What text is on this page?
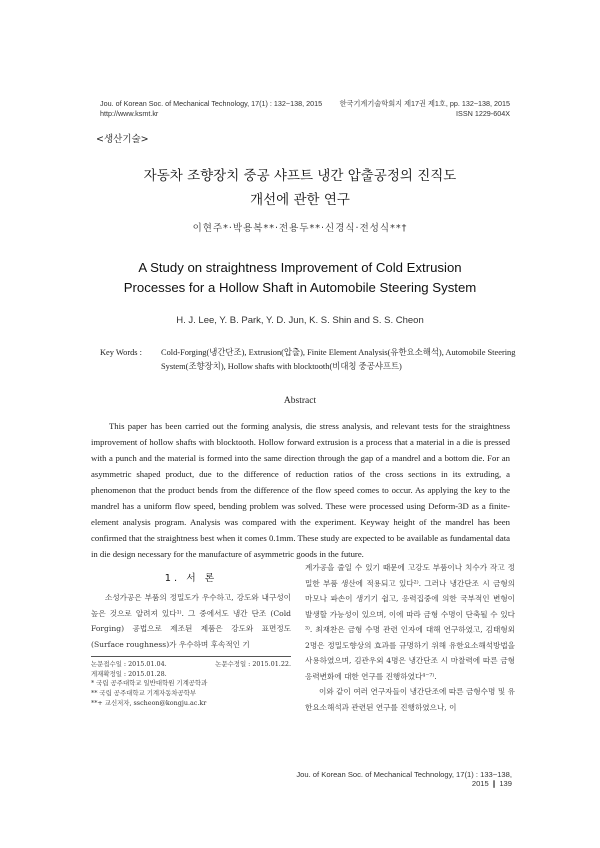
Jou. of Korean Soc. of Mechanical Technology, 17(1) : 132~138, 2015
http://www.ksmt.kr
한국기계기술학회지 제17권 제1호, pp. 132~138, 2015
ISSN 1229-604X
<생산기술>
자동차 조향장치 중공 샤프트 냉간 압출공정의 진직도
개선에 관한 연구
이현주*·박용복**·전용두**·신경식·전성식**†
A Study on straightness Improvement of Cold Extrusion
Processes for a Hollow Shaft in Automobile Steering System
H. J. Lee, Y. B. Park, Y. D. Jun, K. S. Shin and S. S. Cheon
Key Words :	Cold-Forging(냉간단조), Extrusion(압출), Finite Element Analysis(유한요소해석), Automobile Steering System(조향장치), Hollow shafts with blocktooth(비대칭 중공샤프트)
Abstract
This paper has been carried out the forming analysis, die stress analysis, and relevant tests for the straightness improvement of hollow shafts with blocktooth. Hollow forward extrusion is a process that a material in a die is pressed with a punch and the material is formed into the same direction through the gap of a mandrel and a bottom die. For an asymmetric shaped product, due to the difference of reduction ratios of the cross sections in its extruding, a phenomenon that the product bends from the difference of the flow speed comes to occur. As applying the key to the mandrel has a uniform flow speed, bending problem was solved. These were processed using Deform-3D as a finite-element analysis program. Analysis was compared with the experiment. Keyway height of the mandrel has been confirmed that the straightness best when it comes 0.1mm. These study are expected to be available as fundamental data in die design necessary for the manufacture of asymmetric goods in the future.
1. 서 론

소성가공은 부품의 정밀도가 우수하고, 강도와 내구성이 높은 것으로 알려져 있다¹⁾. 그 중에서도 냉간 단조 (Cold Forging) 공법으로 제조된 제품은 강도와 표면정도(Surface roughness)가 우수하며 후속적인 기

계가공을 줄일 수 있기 때문에 고강도 부품이나 치수가 작고 정밀한 부품 생산에 적용되고 있다²⁾. 그러나 냉간단조 시 금형의 마모나 파손이 생기기 쉽고, 응력집중에 의한 국부적인 변형이 발생할 가능성이 있으며, 이에 따라 금형 수명이 단축될 수 있다³⁾. 최재찬은 금형 수명 관련 인자에 대해 연구하였고, 김태형외 2명은 정밀도향상의 효과를 규명하기 위해 유한요소해석방법을 사용하였으며, 김관우외 4명은 냉간단조 시 마찰력에 따른 금형응력변화에 대한 연구를 진행하였다⁴⁻⁷⁾.

이와 같이 여러 연구자들이 냉간단조에 따른 금형수명 및 유한요소해석과 관련된 연구를 진행하였으나, 이

논문접수일 : 2015.01.04.	논문수정일 : 2015.01.22.
게재확정일 : 2015.01.28.
* 국립 공주대학교 일반대학원 기계공학과
** 국립 공주대학교 기계자동차공학부
**+ 교신저자, sscheon@kongju.ac.kr
Jou. of Korean Soc. of Mechanical Technology, 17(1) : 133~138, 2015 ❙ 139
